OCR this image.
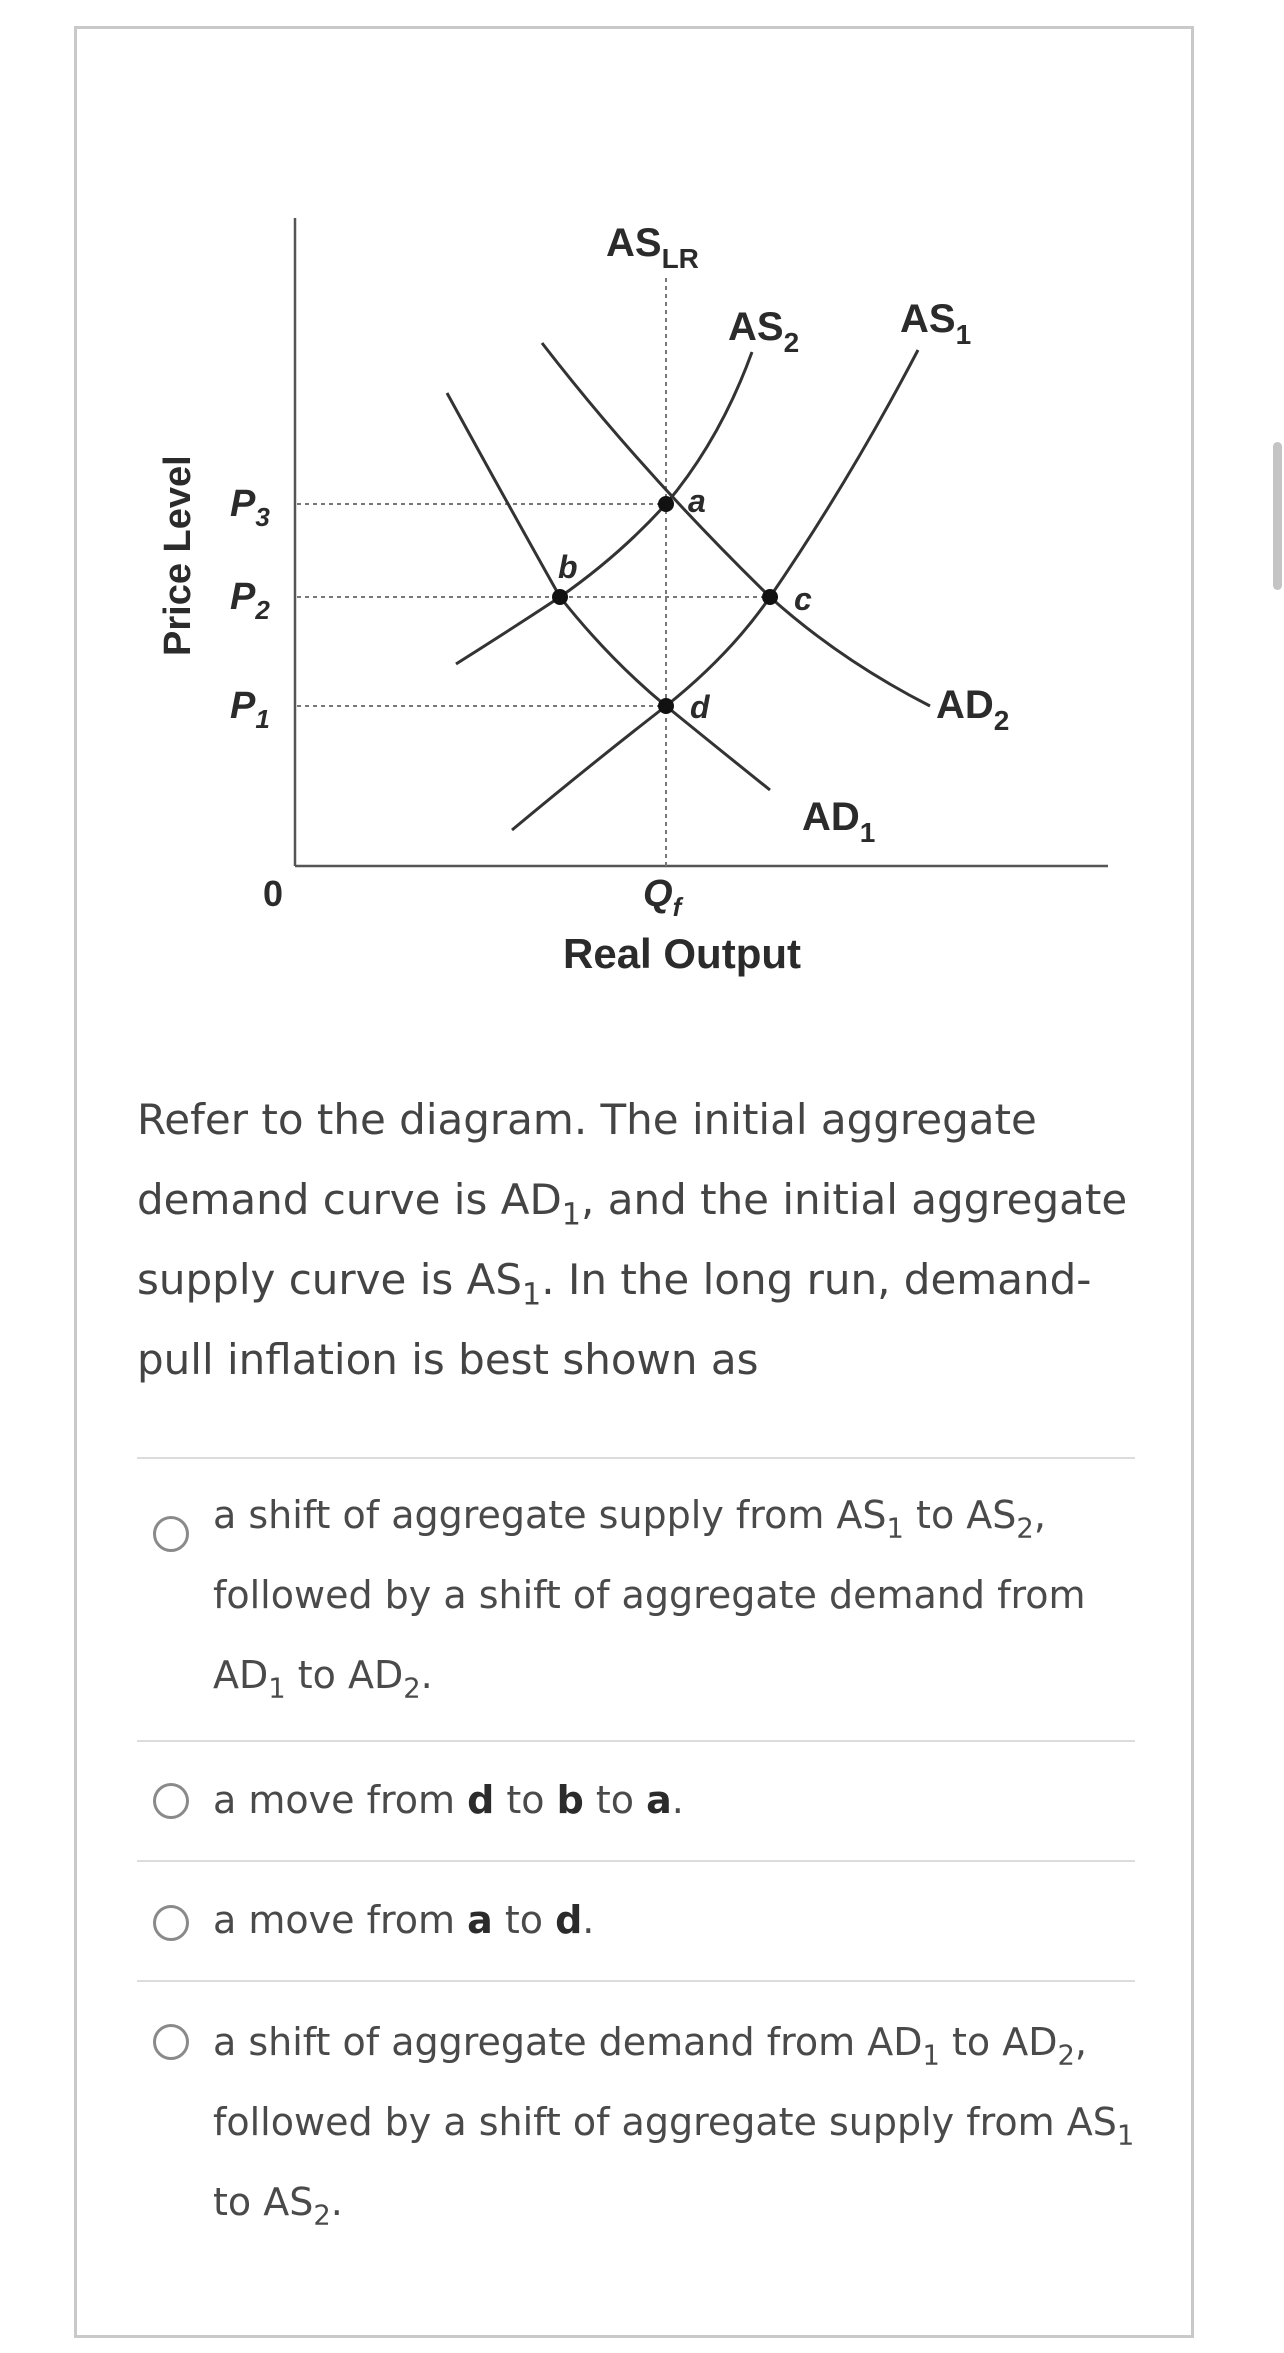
a
b
c
d
$AS_{LR}$
$AS_2$
$AS_1$
$AD_2$
$AD_1$
$P_3$
$P_2$
$P_1$
0	$Q_f$
Real Output
Price Level
Refer to the diagram. The initial aggregate
demand curve is $AD_1$, and the initial aggregate
supply curve is $AS_1$. In the long run, demand-
pull inflation is best shown as
a shift of aggregate supply from $AS_1$ to $AS_2$,
followed by a shift of aggregate demand from
$AD_1$ to $AD_2$.
a move from d to b to a.
a move from a to d.
a shift of aggregate demand from $AD_1$ to $AD_2$,
followed by a shift of aggregate supply from $AS_1$
to $AS_2$.
